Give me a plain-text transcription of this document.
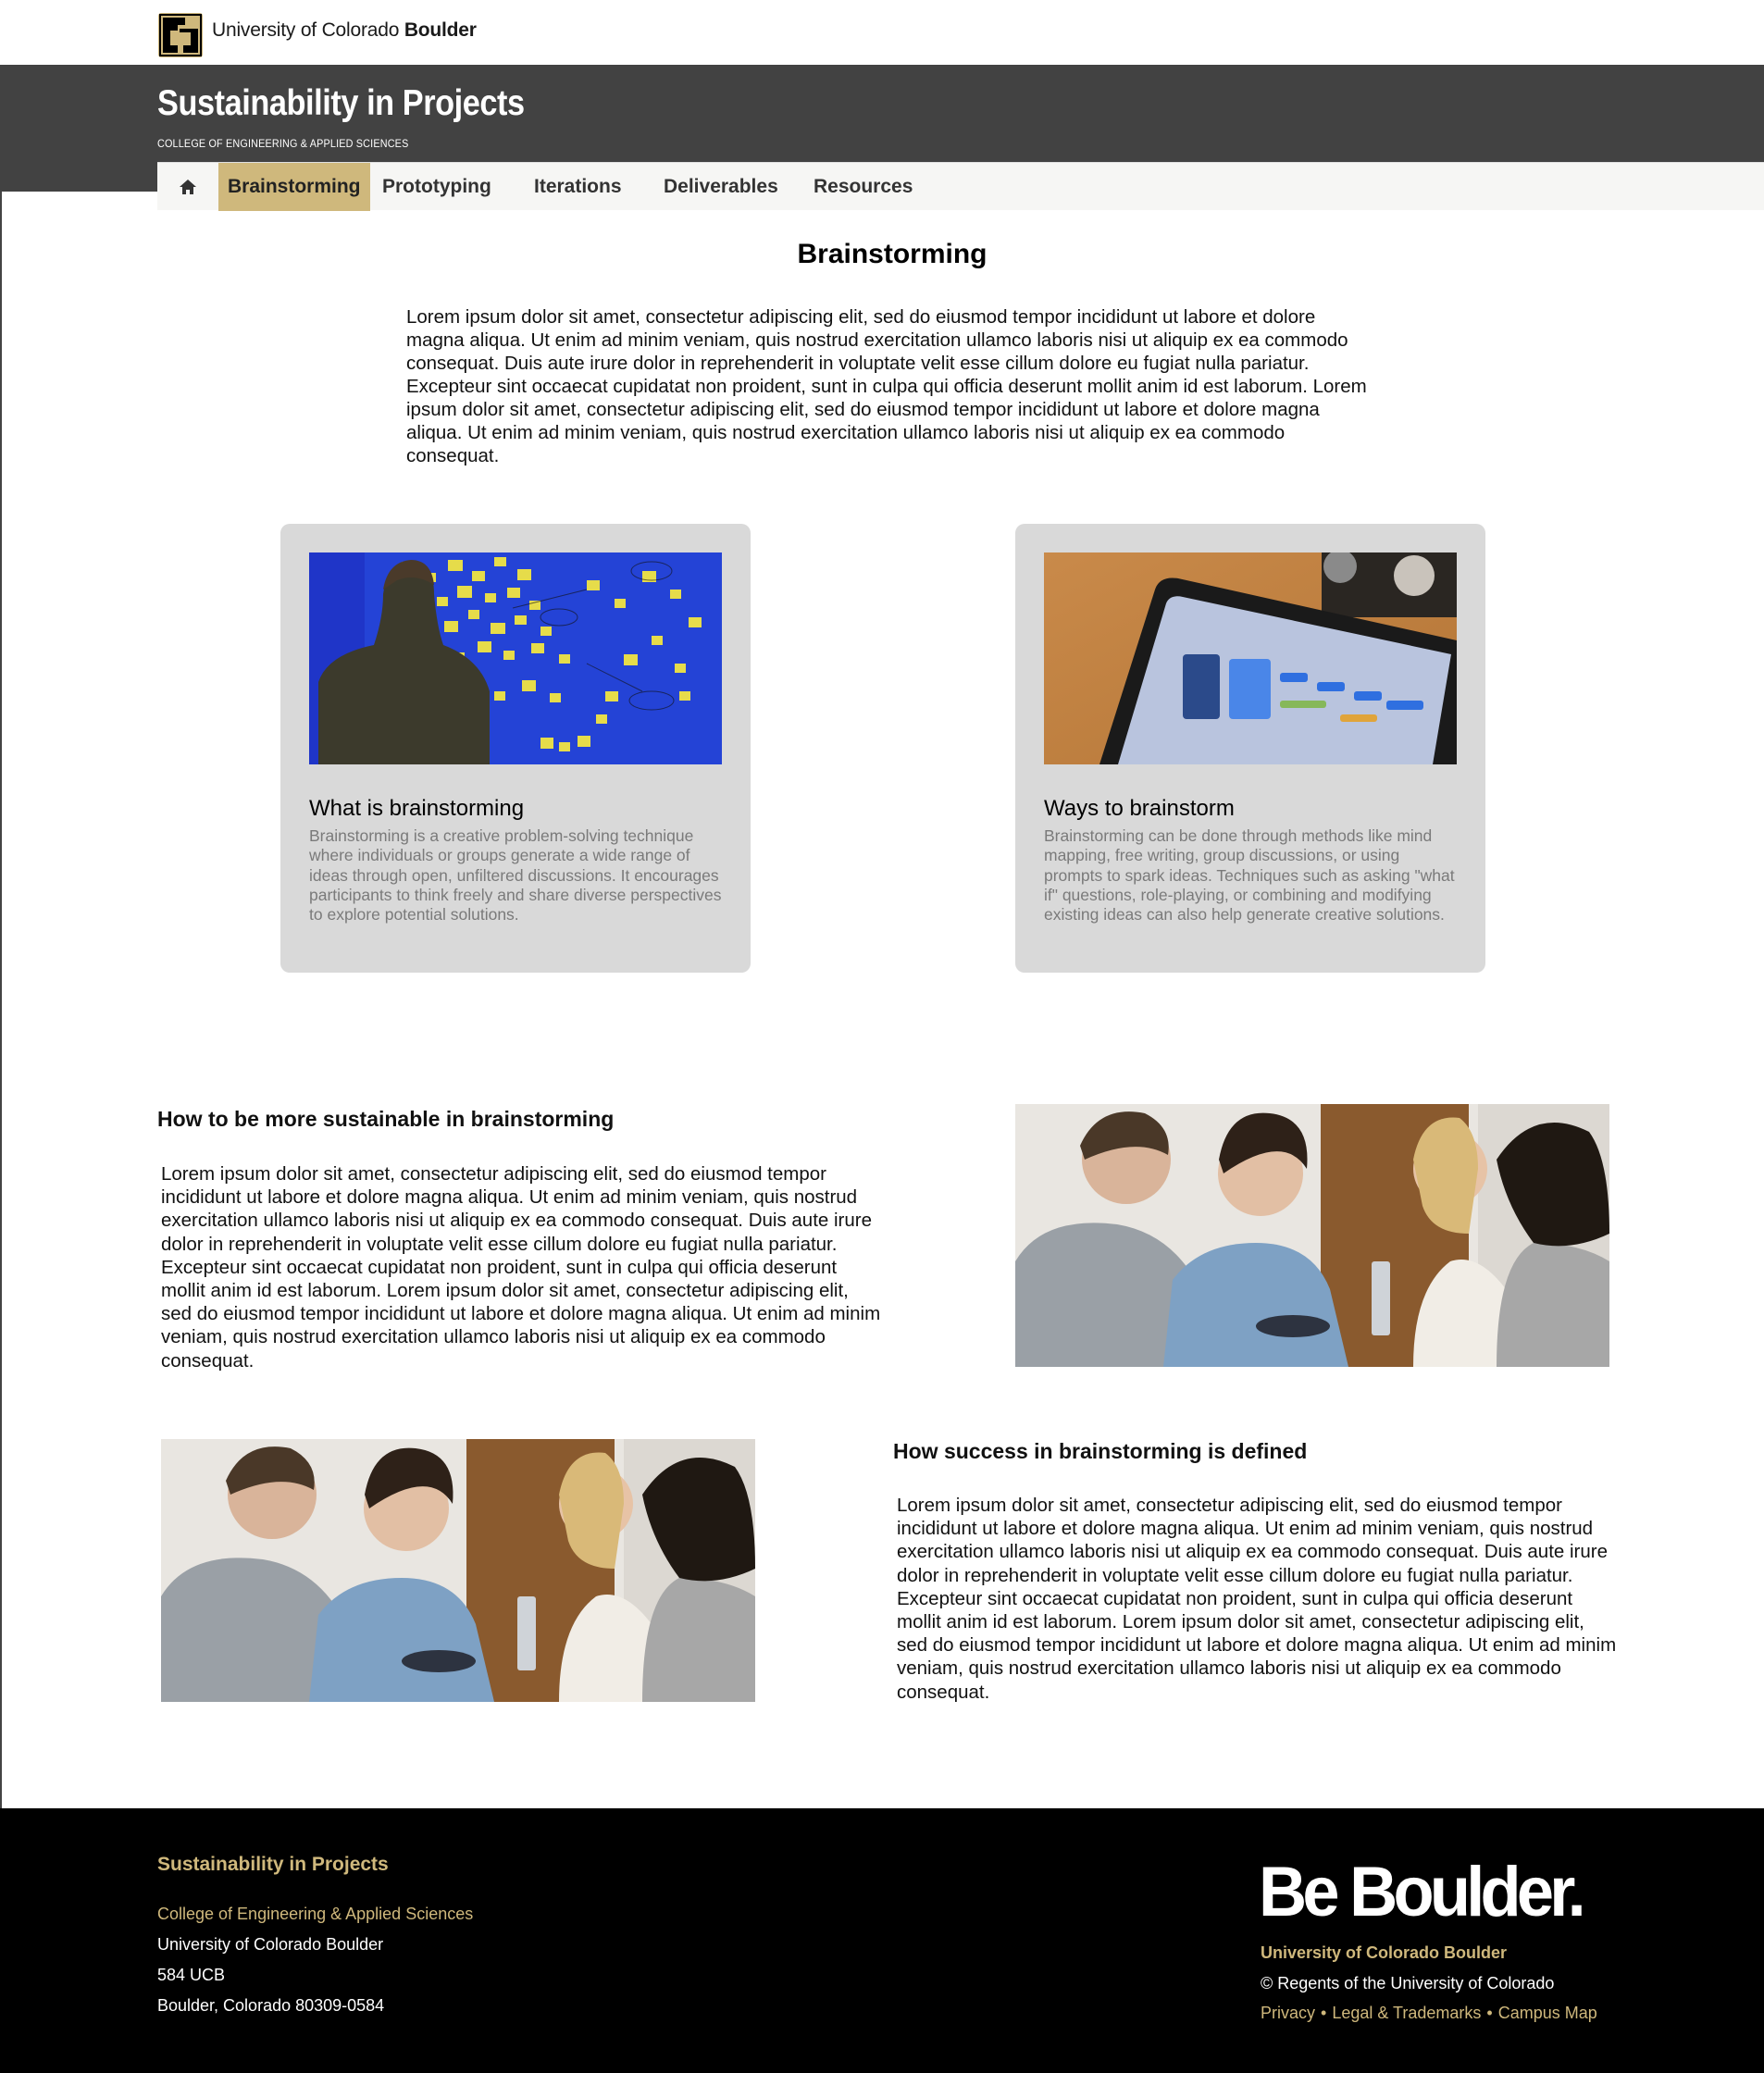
University of Colorado Boulder
Sustainability in Projects
COLLEGE OF ENGINEERING & APPLIED SCIENCES
Brainstorming	Prototyping Iterations Deliverables Resources
Brainstorming

Lorem ipsum dolor sit amet, consectetur adipiscing elit, sed do eiusmod tempor incididunt ut labore et dolore magna aliqua. Ut enim ad minim veniam, quis nostrud exercitation ullamco laboris nisi ut aliquip ex ea commodo consequat. Duis aute irure dolor in reprehenderit in voluptate velit esse cillum dolore eu fugiat nulla pariatur. Excepteur sint occaecat cupidatat non proident, sunt in culpa qui officia deserunt mollit anim id est laborum. Lorem ipsum dolor sit amet, consectetur adipiscing elit, sed do eiusmod tempor incididunt ut labore et dolore magna aliqua. Ut enim ad minim veniam, quis nostrud exercitation ullamco laboris nisi ut aliquip ex ea commodo consequat.

What is brainstorming

Brainstorming is a creative problem-solving technique where individuals or groups generate a wide range of ideas through open, unfiltered discussions. It encourages participants to think freely and share diverse perspectives to explore potential solutions.

Ways to brainstorm

Brainstorming can be done through methods like mind mapping, free writing, group discussions, or using prompts to spark ideas. Techniques such as asking "what if" questions, role-playing, or combining and modifying existing ideas can also help generate creative solutions.

How to be more sustainable in brainstorming

Lorem ipsum dolor sit amet, consectetur adipiscing elit, sed do eiusmod tempor incididunt ut labore et dolore magna aliqua. Ut enim ad minim veniam, quis nostrud exercitation ullamco laboris nisi ut aliquip ex ea commodo consequat. Duis aute irure dolor in reprehenderit in voluptate velit esse cillum dolore eu fugiat nulla pariatur. Excepteur sint occaecat cupidatat non proident, sunt in culpa qui officia deserunt mollit anim id est laborum. Lorem ipsum dolor sit amet, consectetur adipiscing elit, sed do eiusmod tempor incididunt ut labore et dolore magna aliqua. Ut enim ad minim veniam, quis nostrud exercitation ullamco laboris nisi ut aliquip ex ea commodo consequat.

How success in brainstorming is defined

Lorem ipsum dolor sit amet, consectetur adipiscing elit, sed do eiusmod tempor incididunt ut labore et dolore magna aliqua. Ut enim ad minim veniam, quis nostrud exercitation ullamco laboris nisi ut aliquip ex ea commodo consequat. Duis aute irure dolor in reprehenderit in voluptate velit esse cillum dolore eu fugiat nulla pariatur. Excepteur sint occaecat cupidatat non proident, sunt in culpa qui officia deserunt mollit anim id est laborum. Lorem ipsum dolor sit amet, consectetur adipiscing elit, sed do eiusmod tempor incididunt ut labore et dolore magna aliqua. Ut enim ad minim veniam, quis nostrud exercitation ullamco laboris nisi ut aliquip ex ea commodo consequat.

Sustainability in Projects
College of Engineering & Applied Sciences
University of Colorado Boulder
584 UCB
Boulder, Colorado 80309-0584
Be Boulder.
University of Colorado Boulder
© Regents of the University of Colorado
Privacy • Legal & Trademarks • Campus Map
